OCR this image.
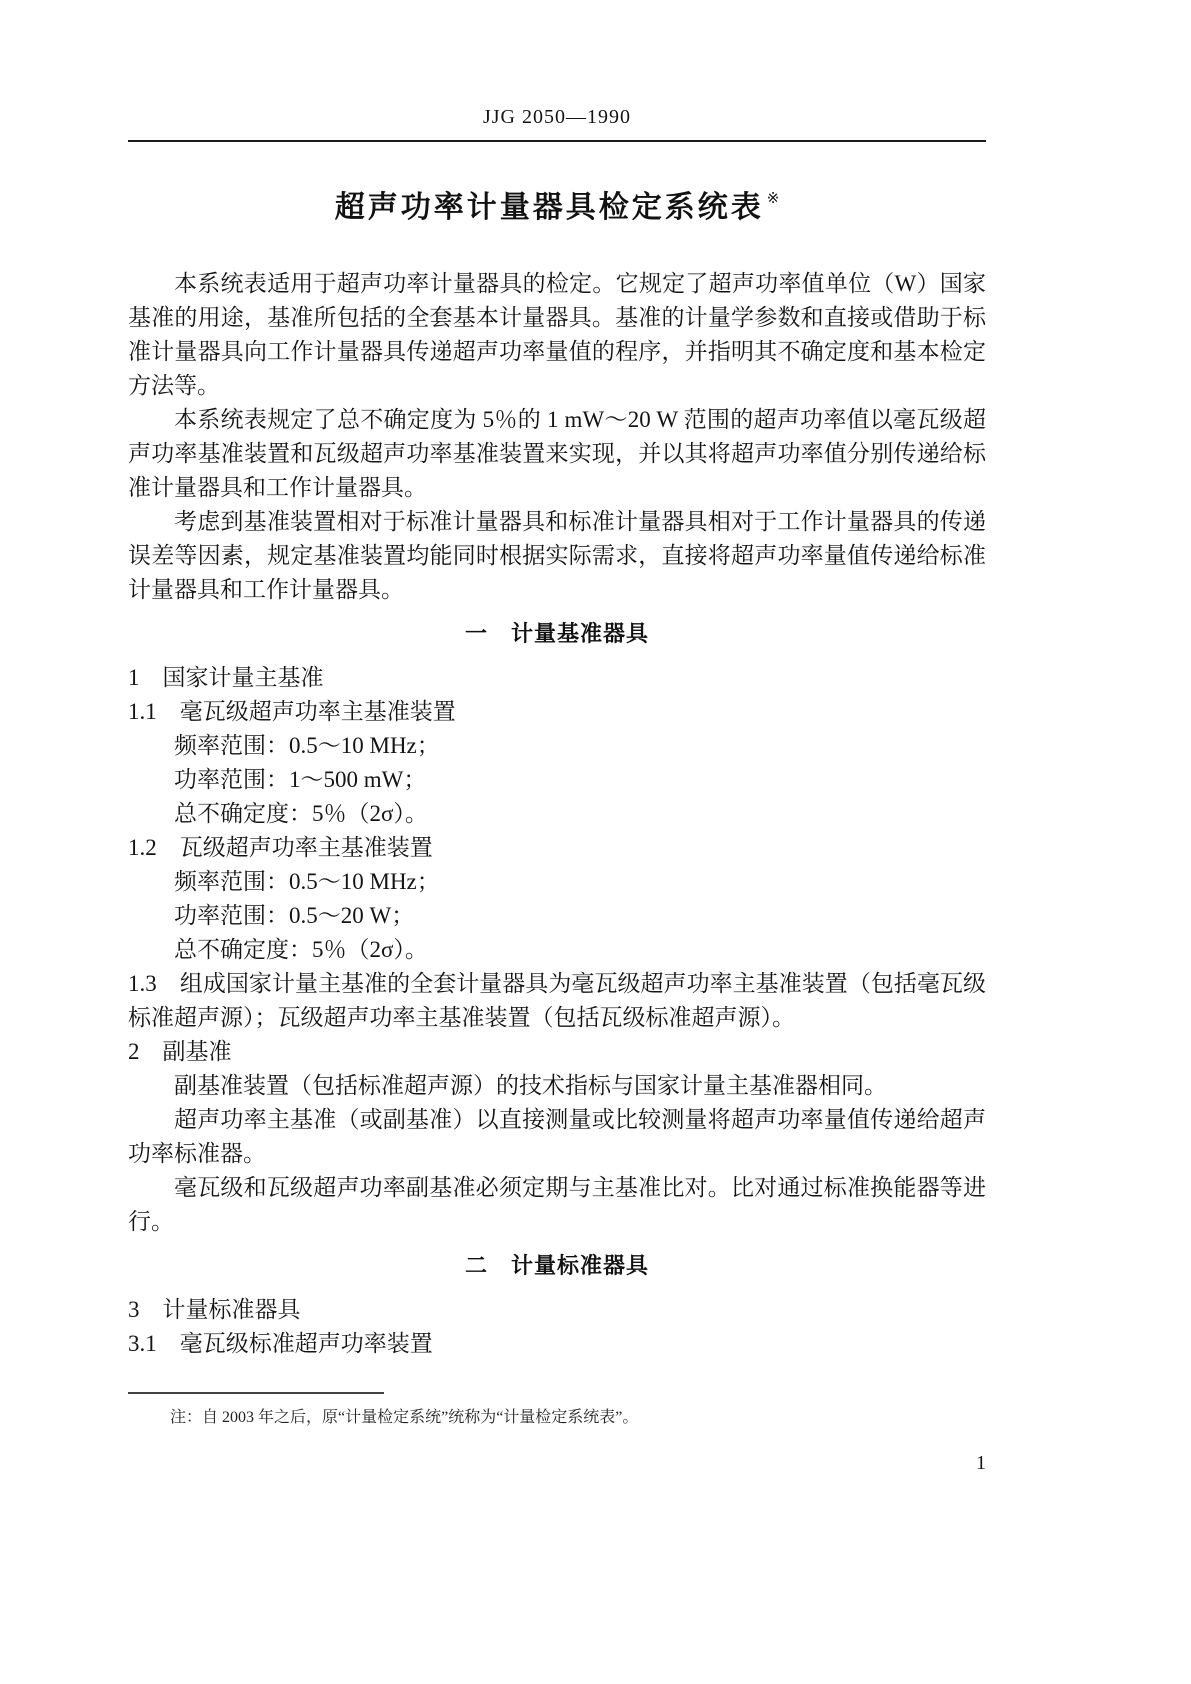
JJG 2050—1990
超声功率计量器具检定系统表 ※

本系统表适用于超声功率计量器具的检定。它规定了超声功率值单位（W）国家基准的用途，基准所包括的全套基本计量器具。基准的计量学参数和直接或借助于标准计量器具向工作计量器具传递超声功率量值的程序，并指明其不确定度和基本检定方法等。

本系统表规定了总不确定度为 5％的 1 mW～20 W 范围的超声功率值以毫瓦级超声功率基准装置和瓦级超声功率基准装置来实现，并以其将超声功率值分别传递给标准计量器具和工作计量器具。

考虑到基准装置相对于标准计量器具和标准计量器具相对于工作计量器具的传递误差等因素，规定基准装置均能同时根据实际需求，直接将超声功率量值传递给标准计量器具和工作计量器具。

一　计量基准器具

1　国家计量主基准

1.1　毫瓦级超声功率主基准装置

频率范围：0.5～10 MHz；

功率范围：1～500 mW；

总不确定度：5％（2σ）。

1.2　瓦级超声功率主基准装置

频率范围：0.5～10 MHz；

功率范围：0.5～20 W；

总不确定度：5％（2σ）。

1.3　组成国家计量主基准的全套计量器具为毫瓦级超声功率主基准装置（包括毫瓦级标准超声源）；瓦级超声功率主基准装置（包括瓦级标准超声源）。

2　副基准

副基准装置（包括标准超声源）的技术指标与国家计量主基准器相同。

超声功率主基准（或副基准）以直接测量或比较测量将超声功率量值传递给超声功率标准器。

毫瓦级和瓦级超声功率副基准必须定期与主基准比对。比对通过标准换能器等进行。

二　计量标准器具

3　计量标准器具

3.1　毫瓦级标准超声功率装置

注：自 2003 年之后，原“计量检定系统”统称为“计量检定系统表”。

1
